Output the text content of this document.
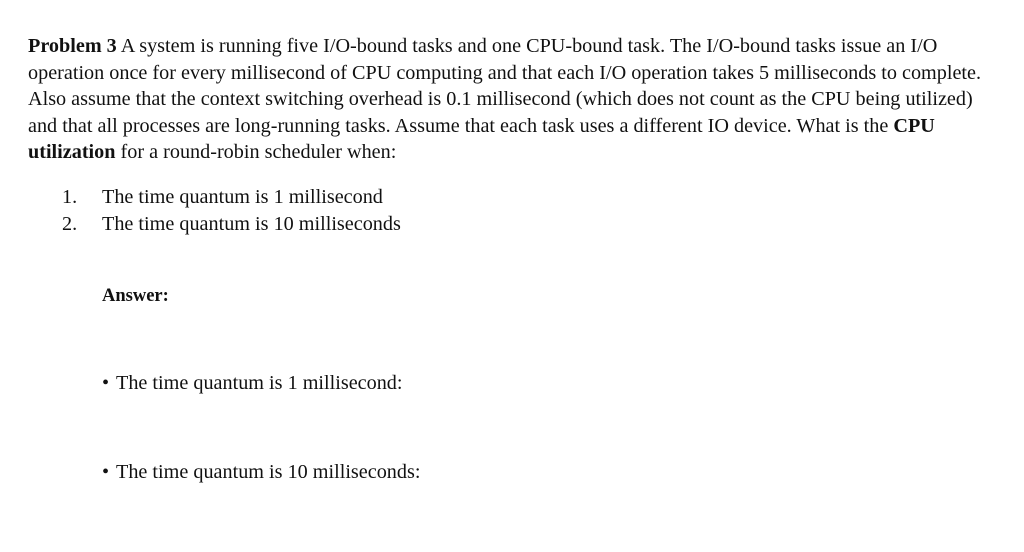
Problem 3 A system is running five I/O-bound tasks and one CPU-bound task. The I/O-bound tasks issue an I/O operation once for every millisecond of CPU computing and that each I/O operation takes 5 milliseconds to complete. Also assume that the context switching overhead is 0.1 millisecond (which does not count as the CPU being utilized) and that all processes are long-running tasks. Assume that each task uses a different IO device. What is the CPU utilization for a round-robin scheduler when:

1.	The time quantum is 1 millisecond
2.	The time quantum is 10 milliseconds

Answer:

• The time quantum is 1 millisecond:

• The time quantum is 10 milliseconds:
